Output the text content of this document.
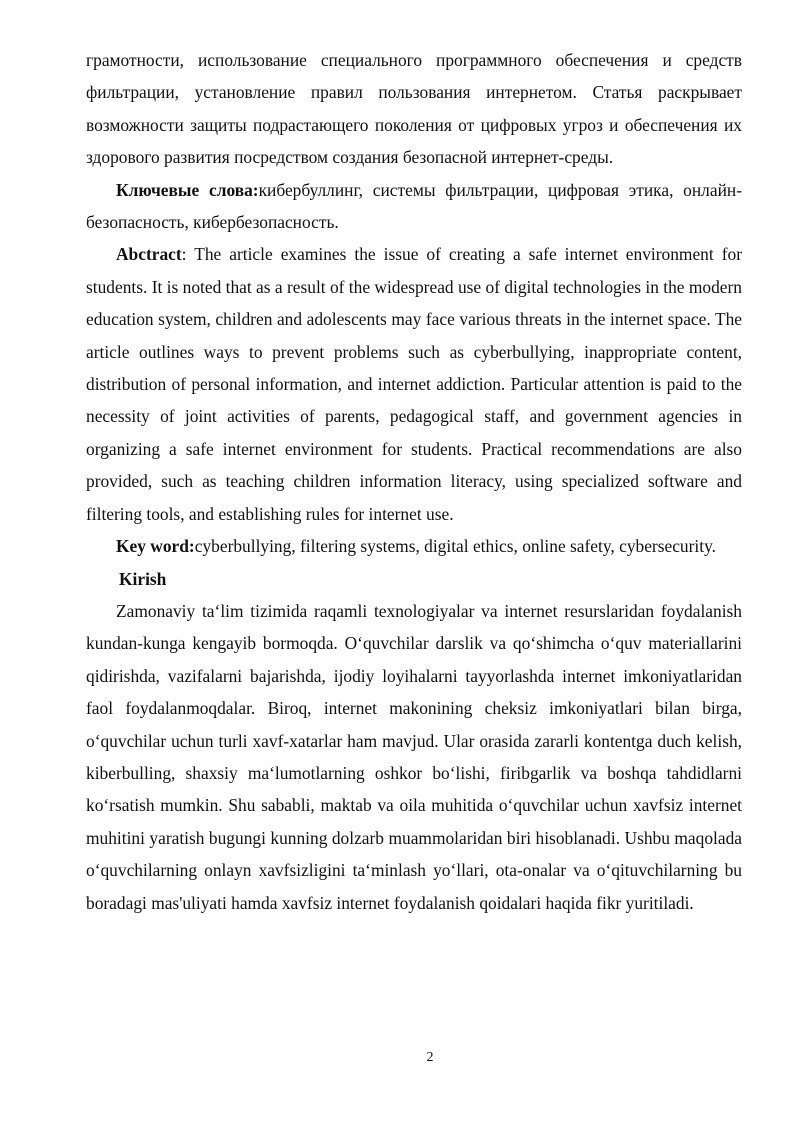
грамотности, использование специального программного обеспечения и средств фильтрации, установление правил пользования интернетом. Статья раскрывает возможности защиты подрастающего поколения от цифровых угроз и обеспечения их здорового развития посредством создания безопасной интернет-среды.

Ключевые слова:кибербуллинг, системы фильтрации, цифровая этика, онлайн-безопасность, кибербезопасность.

Abctract: The article examines the issue of creating a safe internet environment for students. It is noted that as a result of the widespread use of digital technologies in the modern education system, children and adolescents may face various threats in the internet space. The article outlines ways to prevent problems such as cyberbullying, inappropriate content, distribution of personal information, and internet addiction. Particular attention is paid to the necessity of joint activities of parents, pedagogical staff, and government agencies in organizing a safe internet environment for students. Practical recommendations are also provided, such as teaching children information literacy, using specialized software and filtering tools, and establishing rules for internet use.

Key word:cyberbullying, filtering systems, digital ethics, online safety, cybersecurity.

Kirish

Zamonaviy taʻlim tizimida raqamli texnologiyalar va internet resurslaridan foydalanish kundan-kunga kengayib bormoqda. Oʻquvchilar darslik va qoʻshimcha oʻquv materiallarini qidirishda, vazifalarni bajarishda, ijodiy loyihalarni tayyorlashda internet imkoniyatlaridan faol foydalanmoqdalar. Biroq, internet makonining cheksiz imkoniyatlari bilan birga, oʻquvchilar uchun turli xavf-xatarlar ham mavjud. Ular orasida zararli kontentga duch kelish, kiberbulling, shaxsiy maʻlumotlarning oshkor boʻlishi, firibgarlik va boshqa tahdidlarni koʻrsatish mumkin. Shu sababli, maktab va oila muhitida oʻquvchilar uchun xavfsiz internet muhitini yaratish bugungi kunning dolzarb muammolaridan biri hisoblanadi. Ushbu maqolada oʻquvchilarning onlayn xavfsizligini taʻminlash yoʻllari, ota-onalar va oʻqituvchilarning bu boradagi mas'uliyati hamda xavfsiz internet foydalanish qoidalari haqida fikr yuritiladi.

2
